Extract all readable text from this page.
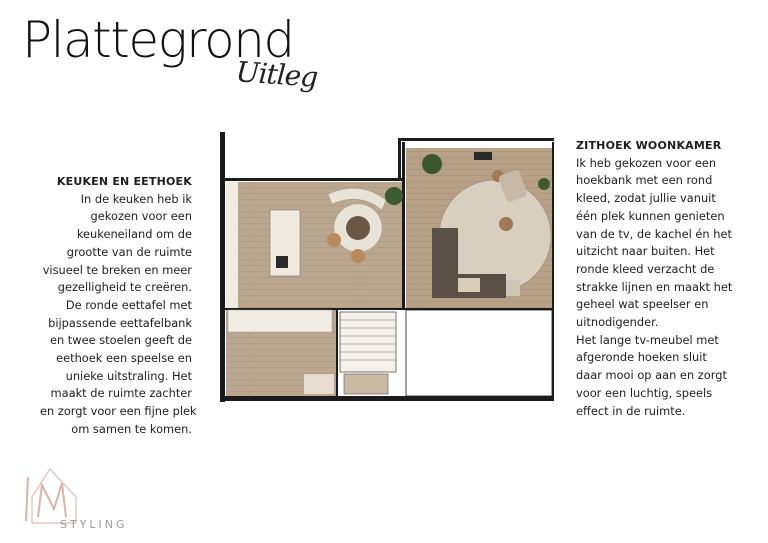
Plattegrond
Uitleg
KEUKEN EN EETHOEK
In de keuken heb ik
gekozen voor een
keukeneiland om de
grootte van de ruimte
visueel te breken en meer
gezelligheid te creëren.
De ronde eettafel met
bijpassende eettafelbank
en twee stoelen geeft de
eethoek een speelse en
unieke uitstraling. Het
maakt de ruimte zachter
en zorgt voor een fijne plek
om samen te komen.
ZITHOEK WOONKAMER
Ik heb gekozen voor een
hoekbank met een rond
kleed, zodat jullie vanuit
één plek kunnen genieten
van de tv, de kachel én het
uitzicht naar buiten. Het
ronde kleed verzacht de
strakke lijnen en maakt het
geheel wat speelser en
uitnodigender.
Het lange tv-meubel met
afgeronde hoeken sluit
daar mooi op aan en zorgt
voor een luchtig, speels
effect in de ruimte.
STYLING
